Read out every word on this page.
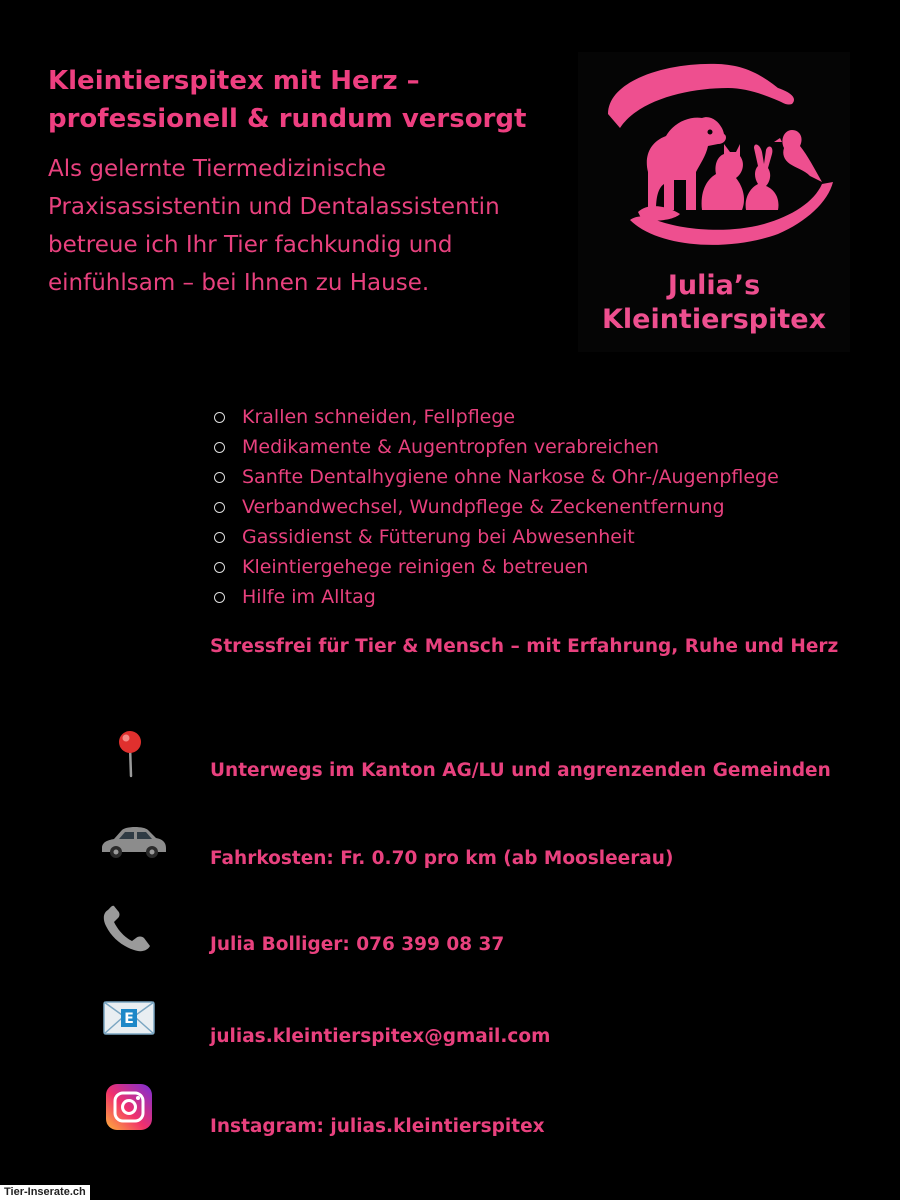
Kleintierspitex mit Herz –
professionell & rundum versorgt
Als gelernte Tiermedizinische
Praxisassistentin und Dentalassistentin
betreue ich Ihr Tier fachkundig und
einfühlsam – bei Ihnen zu Hause.	Julia’s
Kleintierspitex
Krallen schneiden, Fellpflege
Medikamente & Augentropfen verabreichen
Sanfte Dentalhygiene ohne Narkose & Ohr-/Augenpflege
Verbandwechsel, Wundpflege & Zeckenentfernung
Gassidienst & Fütterung bei Abwesenheit
Kleintiergehege reinigen & betreuen
Hilfe im Alltag
Stressfrei für Tier & Mensch – mit Erfahrung, Ruhe und Herz
Unterwegs im Kanton AG/LU und angrenzenden Gemeinden
Fahrkosten: Fr. 0.70 pro km (ab Moosleerau)
Julia Bolliger: 076 399 08 37
E
julias.kleintierspitex@gmail.com
Instagram: julias.kleintierspitex
Tier-Inserate.ch
